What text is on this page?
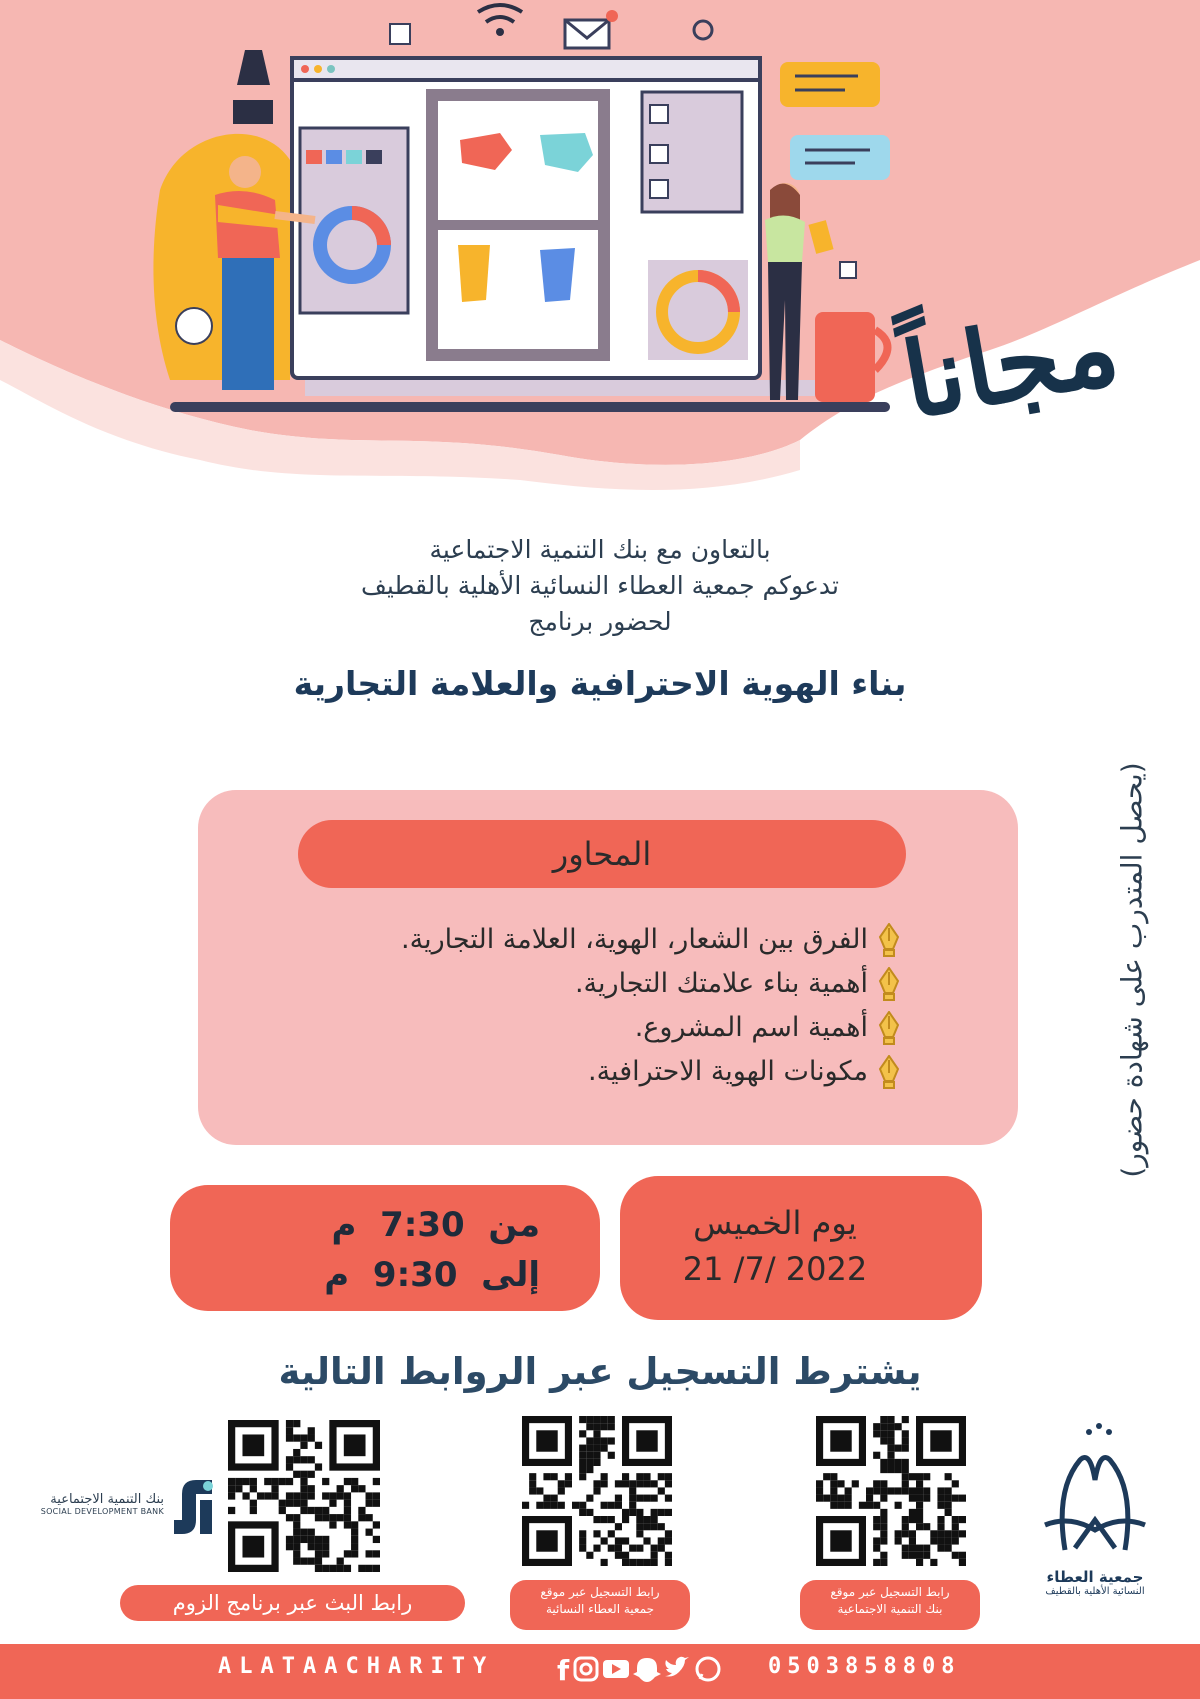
مجاناً
بالتعاون مع بنك التنمية الاجتماعية
تدعوكم جمعية العطاء النسائية الأهلية بالقطيف
لحضور برنامج
بناء الهوية الاحترافية والعلامة التجارية
(يحصل المتدرب على شهادة حضور)
المحاور
الفرق بين الشعار، الهوية، العلامة التجارية.
أهمية بناء علامتك التجارية.
أهمية اسم المشروع.
مكونات الهوية الاحترافية.
من

7:30

م
إلى

9:30

م
يوم الخميس
21 /7/ 2022
يشترط التسجيل عبر الروابط التالية
رابط البث عبر برنامج الزوم	رابط التسجيل عبر موقع
جمعية العطاء النسائية
رابط التسجيل عبر موقع
بنك التنمية الاجتماعية
بنك التنمية الاجتماعية
SOCIAL DEVELOPMENT BANK
جمعية العطاء
النسائية الأهلية بالقطيف
ALATAACHARITY f	0503858808
